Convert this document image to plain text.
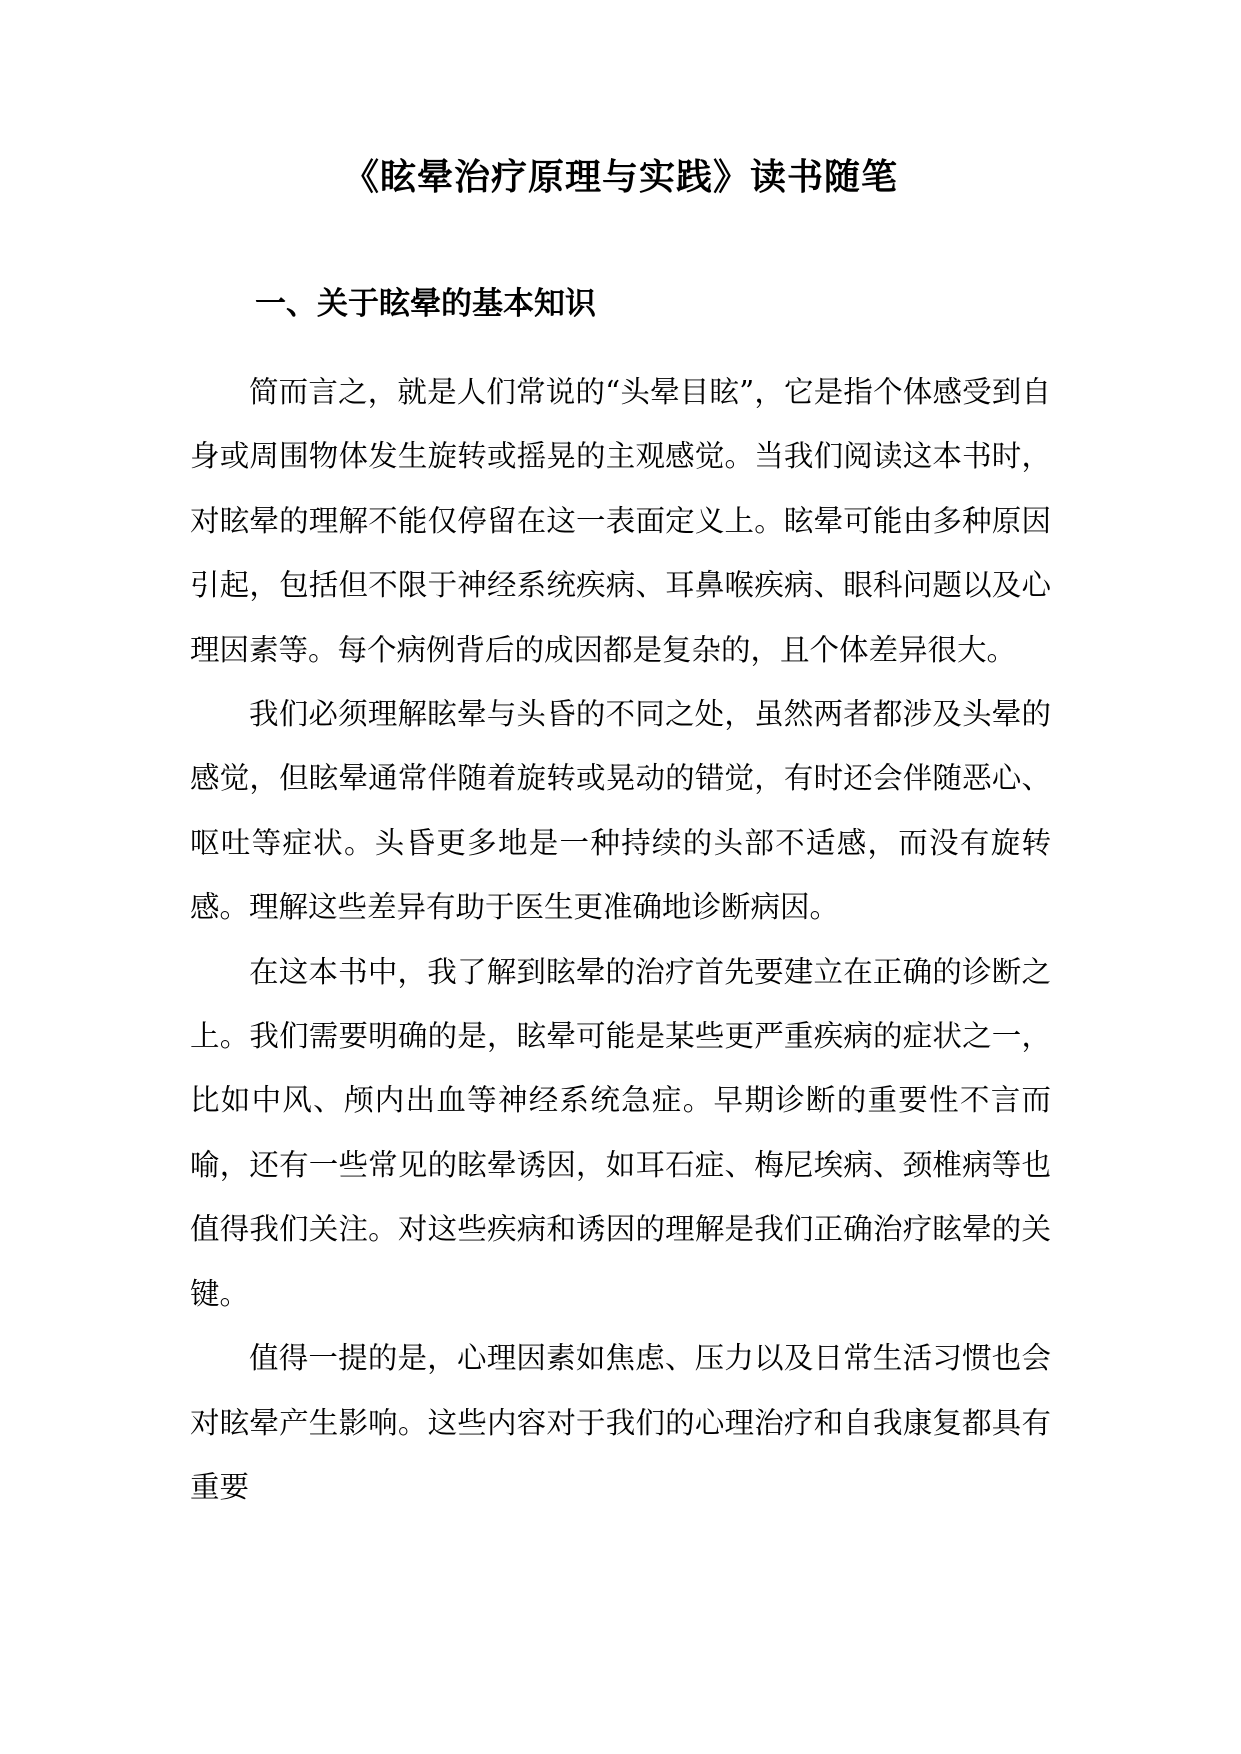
《眩晕治疗原理与实践》读书随笔
一、关于眩晕的基本知识

简而言之，就是人们常说的“头晕目眩”，它是指个体感受到自身或周围物体发生旋转或摇晃的主观感觉。当我们阅读这本书时，对眩晕的理解不能仅停留在这一表面定义上。眩晕可能由多种原因引起，包括但不限于神经系统疾病、耳鼻喉疾病、眼科问题以及心理因素等。每个病例背后的成因都是复杂的，且个体差异很大。

我们必须理解眩晕与头昏的不同之处，虽然两者都涉及头晕的感觉，但眩晕通常伴随着旋转或晃动的错觉，有时还会伴随恶心、呕吐等症状。头昏更多地是一种持续的头部不适感，而没有旋转感。理解这些差异有助于医生更准确地诊断病因。

在这本书中，我了解到眩晕的治疗首先要建立在正确的诊断之上。我们需要明确的是，眩晕可能是某些更严重疾病的症状之一，比如中风、颅内出血等神经系统急症。早期诊断的重要性不言而喻，还有一些常见的眩晕诱因，如耳石症、梅尼埃病、颈椎病等也值得我们关注。对这些疾病和诱因的理解是我们正确治疗眩晕的关键。

值得一提的是，心理因素如焦虑、压力以及日常生活习惯也会对眩晕产生影响。这些内容对于我们的心理治疗和自我康复都具有重要
